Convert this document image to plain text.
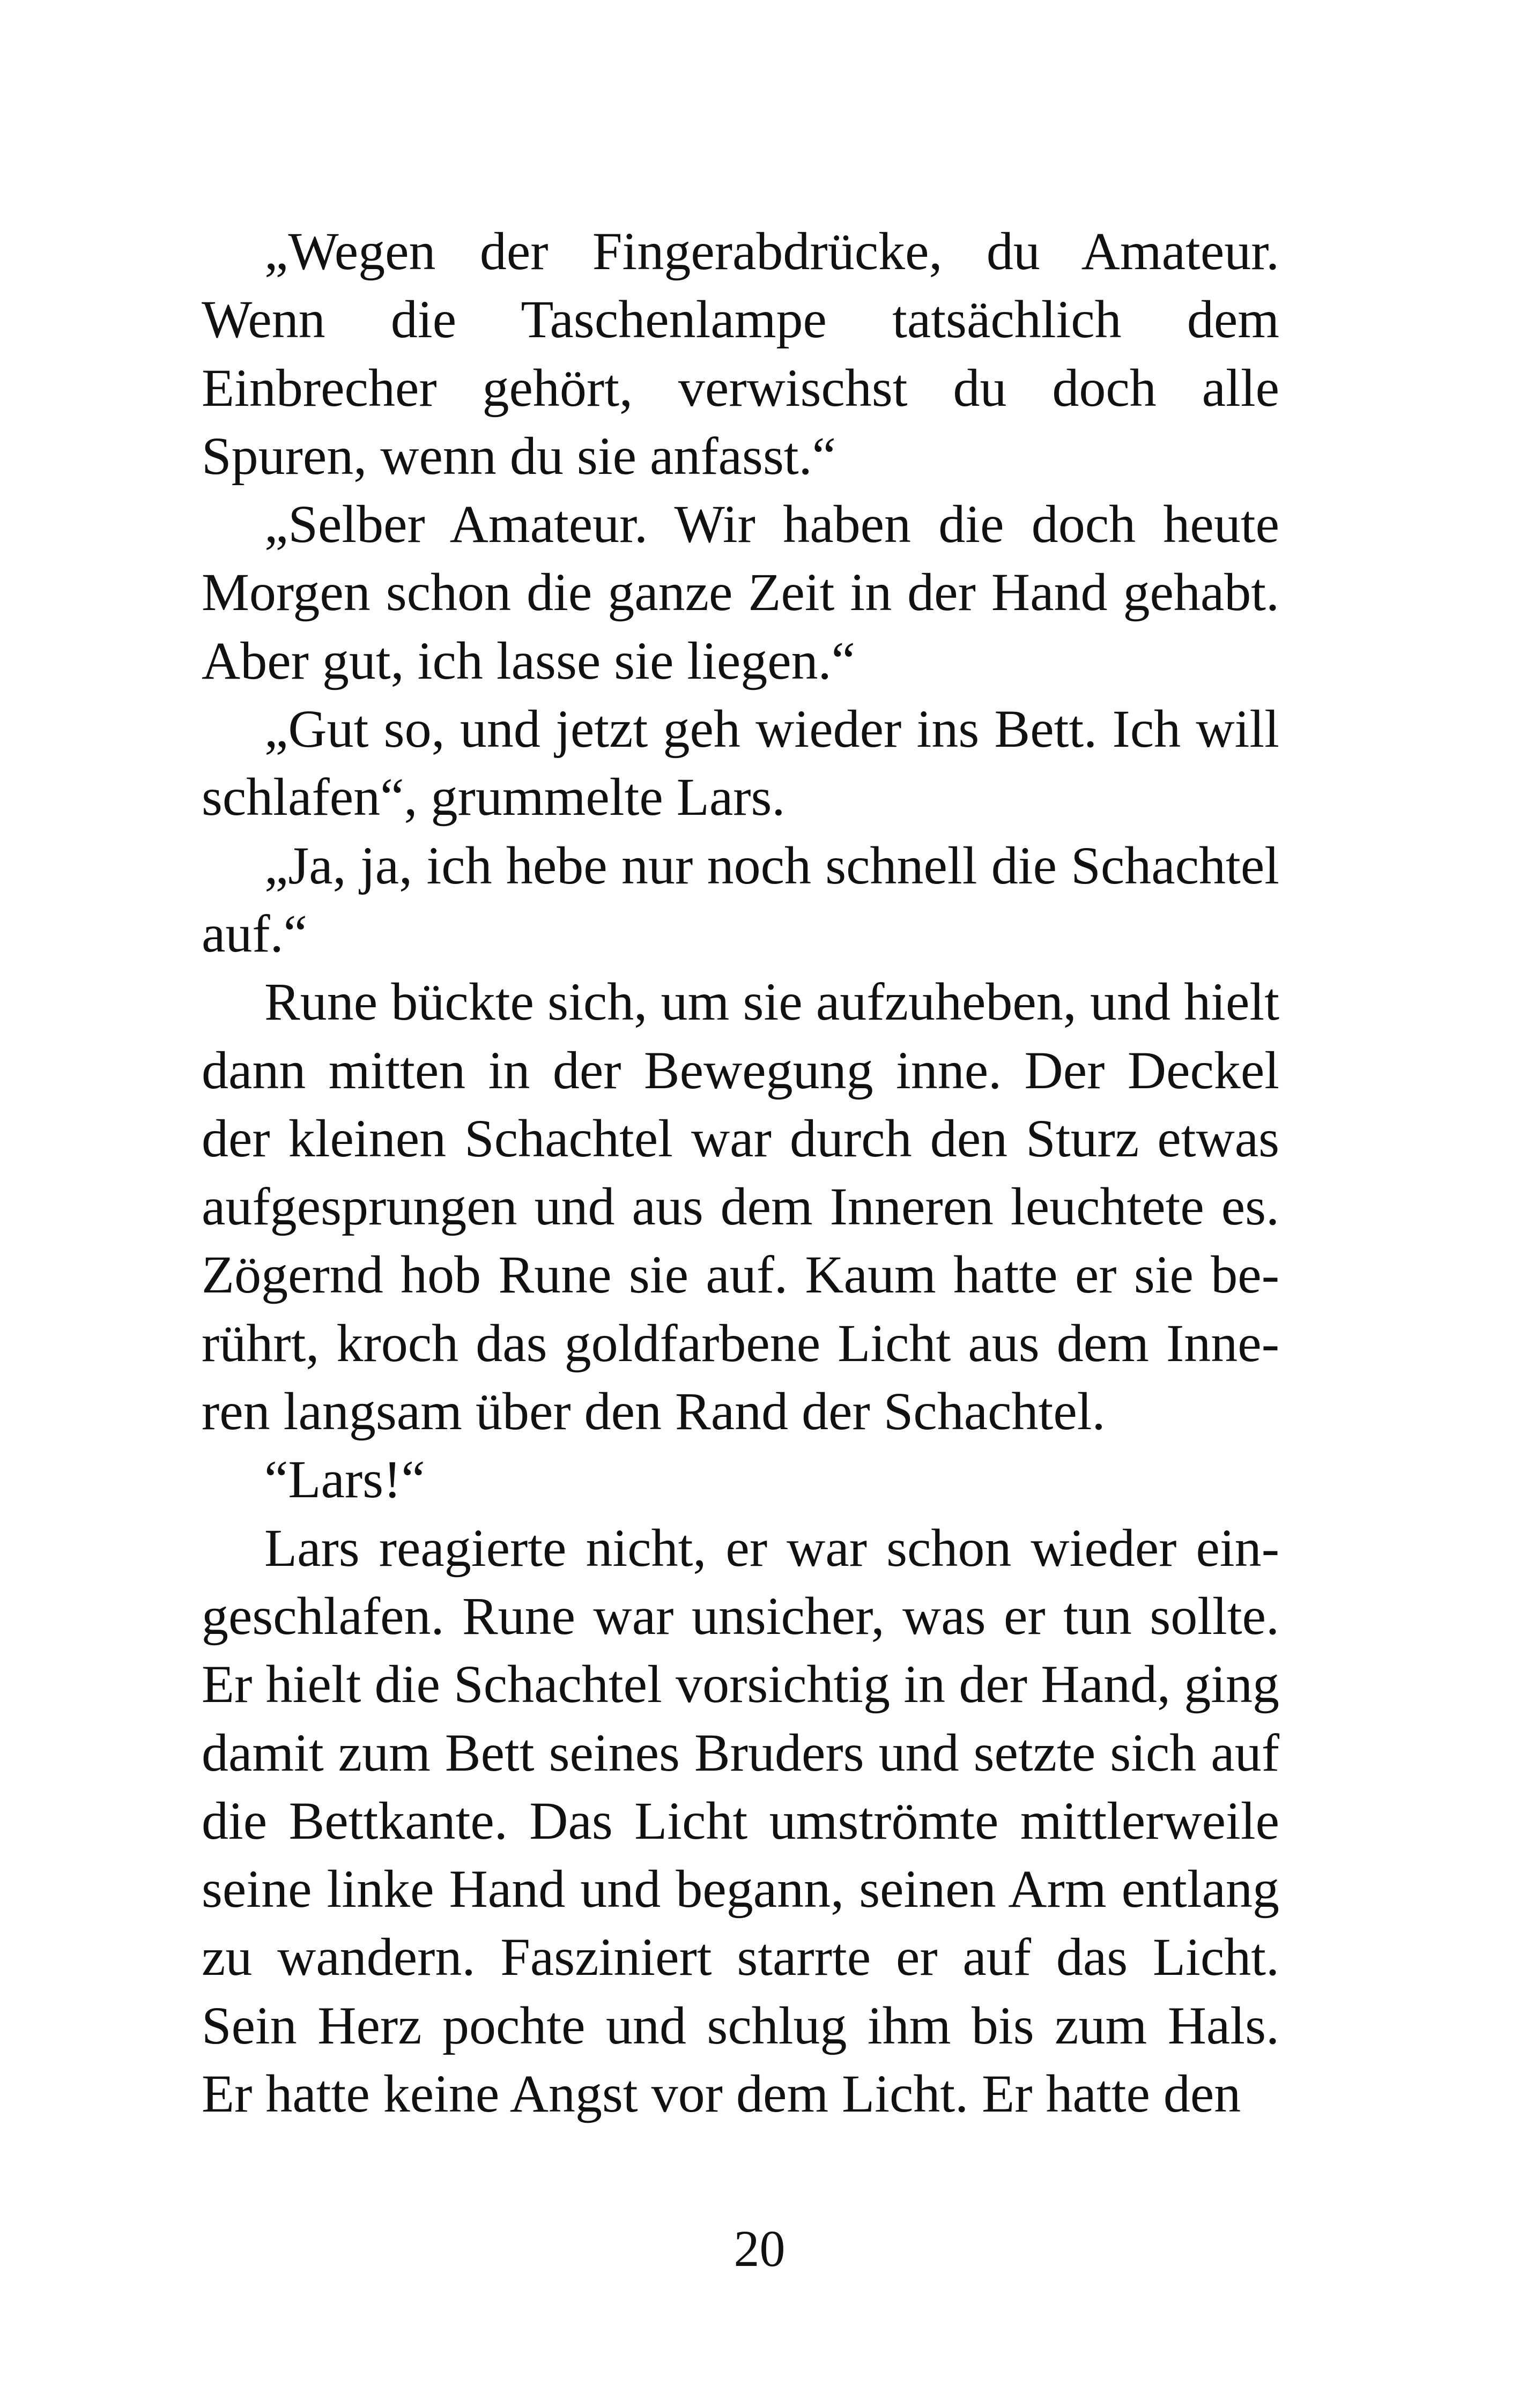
„Wegen der Fingerabdrücke, du Amateur. Wenn die Taschenlampe tatsächlich dem Einbrecher gehört, verwischst du doch alle Spuren, wenn du sie anfasst.“

„Selber Amateur. Wir haben die doch heute Morgen schon die ganze Zeit in der Hand gehabt. Aber gut, ich lasse sie liegen.“

„Gut so, und jetzt geh wieder ins Bett. Ich will schlafen“, grummelte Lars.

„Ja, ja, ich hebe nur noch schnell die Schachtel auf.“

Rune bückte sich, um sie aufzuheben, und hielt dann mitten in der Bewegung inne. Der Deckel der kleinen Schachtel war durch den Sturz etwas aufgesprungen und aus dem Inneren leuchtete es. Zögernd hob Rune sie auf. Kaum hatte er sie berührt, kroch das goldfarbene Licht aus dem Inneren langsam über den Rand der Schachtel.

“Lars!“

Lars reagierte nicht, er war schon wieder eingeschlafen. Rune war unsicher, was er tun sollte. Er hielt die Schachtel vorsichtig in der Hand, ging damit zum Bett seines Bruders und setzte sich auf die Bettkante. Das Licht umströmte mittlerweile seine linke Hand und begann, seinen Arm entlang zu wandern. Fasziniert starrte er auf das Licht. Sein Herz pochte und schlug ihm bis zum Hals. Er hatte keine Angst vor dem Licht. Er hatte den

20
